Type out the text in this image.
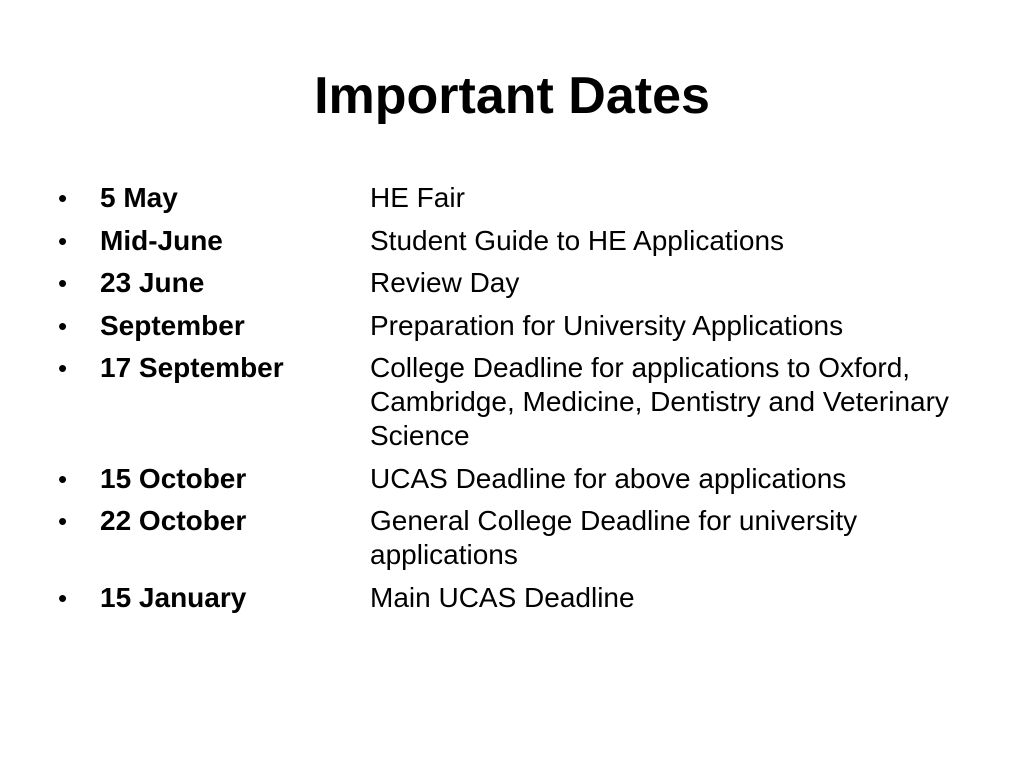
Important Dates
•	5 May	HE Fair
•	Mid-June	Student Guide to HE Applications
•	23 June	Review Day
•	September	Preparation for University Applications
•	17 September	College Deadline for applications to Oxford, Cambridge, Medicine, Dentistry and Veterinary Science
•	15 October	UCAS Deadline for above applications
•	22 October	General College Deadline for university applications
•	15 January	Main UCAS Deadline
